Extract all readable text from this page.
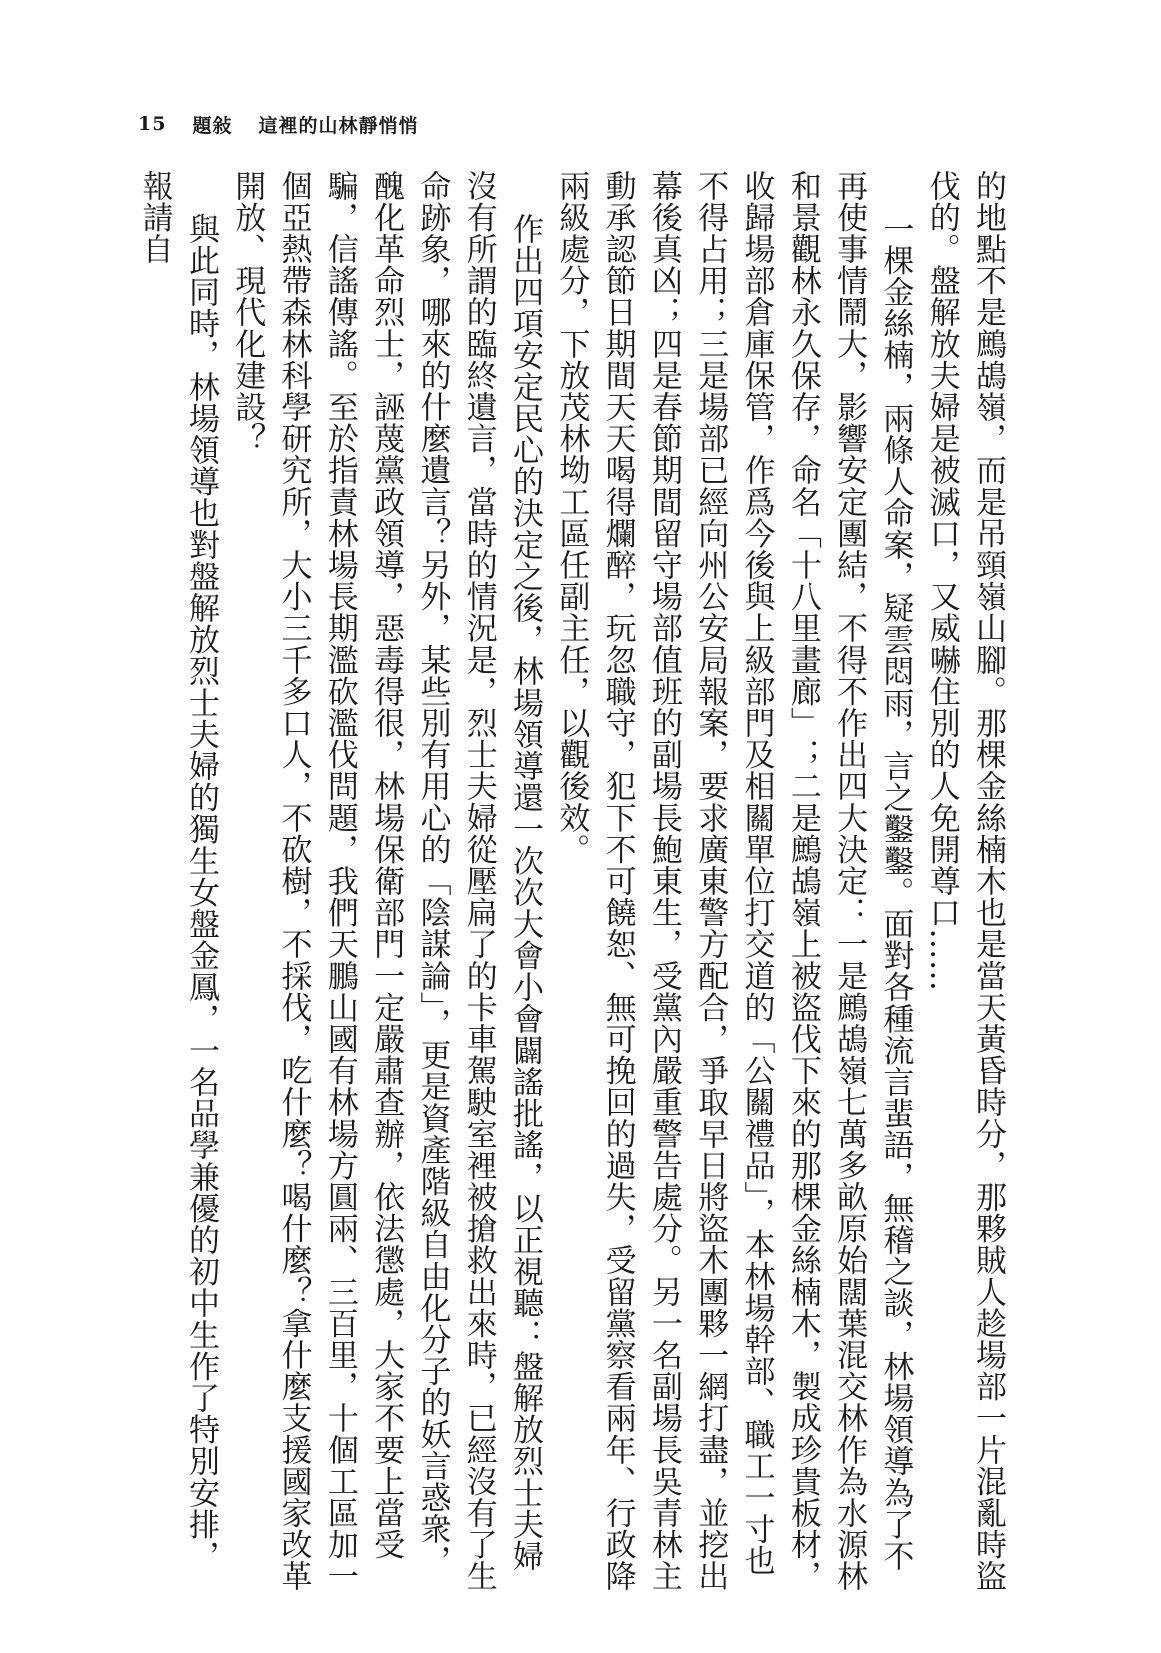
15 題敍 這裡的山林靜悄悄

的地點不是鷓鴣嶺，而是吊頸嶺山腳。那棵金絲楠木也是當天黃昏時分，那夥賊人趁場部一片混亂時盜伐的。盤解放夫婦是被滅口，又威嚇住別的人免開尊口……

一棵金絲楠，兩條人命案，疑雲悶雨，言之鑿鑿。面對各種流言蜚語，無稽之談，林場領導為了不再使事情鬧大，影響安定團結，不得不作出四大決定：一是鷓鴣嶺七萬多畝原始闊葉混交林作為水源林和景觀林永久保存，命名「十八里畫廊」；二是鷓鴣嶺上被盜伐下來的那棵金絲楠木，製成珍貴板材，收歸場部倉庫保管，作爲今後與上級部門及相關單位打交道的「公關禮品」，本林場幹部、職工一寸也不得占用；三是場部已經向州公安局報案，要求廣東警方配合，爭取早日將盜木團夥一網打盡，並挖出幕後真凶；四是春節期間留守場部值班的副場長鮑東生，受黨內嚴重警告處分。另一名副場長吳青林主動承認節日期間天天喝得爛醉，玩忽職守，犯下不可饒恕、無可挽回的過失，受留黨察看兩年、行政降兩級處分，下放茂林坳工區任副主任，以觀後效。

作出四項安定民心的決定之後，林場領導還一次次大會小會闢謠批謠，以正視聽：盤解放烈士夫婦沒有所謂的臨終遺言，當時的情況是，烈士夫婦從壓扁了的卡車駕駛室裡被搶救出來時，已經沒有了生命跡象，哪來的什麼遺言？另外，某些別有用心的「陰謀論」，更是資產階級自由化分子的妖言惑衆，醜化革命烈士，誣蔑黨政領導，惡毒得很，林場保衛部門一定嚴肅查辦，依法懲處，大家不要上當受騙，信謠傳謠。至於指責林場長期濫砍濫伐問題，我們天鵬山國有林場方圓兩、三百里，十個工區加一個亞熱帶森林科學研究所，大小三千多口人，不砍樹，不採伐，吃什麼？喝什麼？拿什麼支援國家改革開放、現代化建設？

與此同時，林場領導也對盤解放烈士夫婦的獨生女盤金鳳，一名品學兼優的初中生作了特別安排，報請自
